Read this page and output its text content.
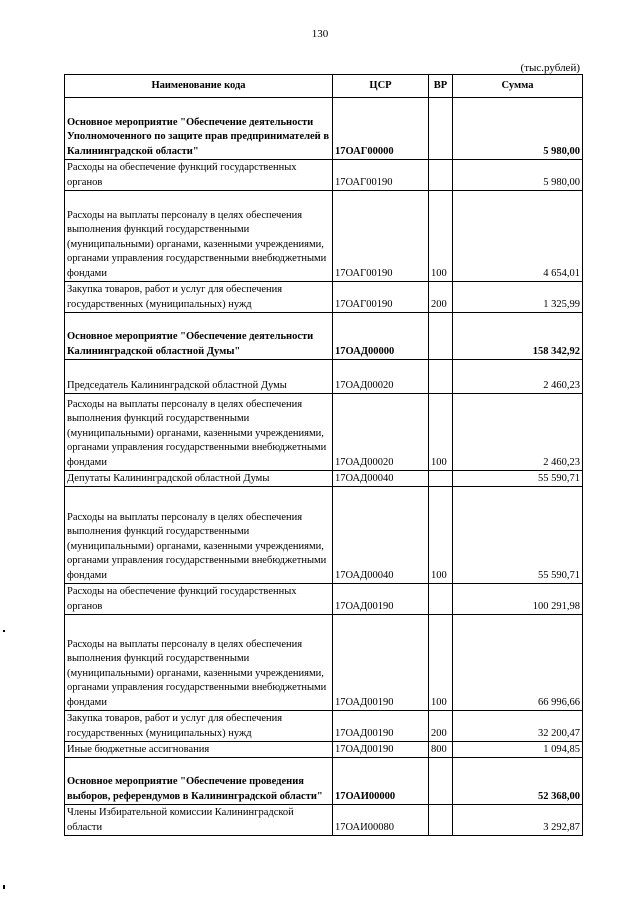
130
(тыс.рублей)
Наименование кода	ЦСР	ВР	Сумма
Основное мероприятие "Обеспечение деятельности Уполномоченного по защите прав предпринимателей в Калининградской области"	17ОАГ00000		5 980,00
Расходы на обеспечение функций государственных органов	17ОАГ00190		5 980,00
Расходы на выплаты персоналу в целях обеспечения выполнения функций государственными (муниципальными) органами, казенными учреждениями, органами управления государственными внебюджетными фондами	17ОАГ00190	100	4 654,01
Закупка товаров, работ и услуг для обеспечения государственных (муниципальных) нужд	17ОАГ00190	200	1 325,99
Основное мероприятие "Обеспечение деятельности Калининградской областной Думы"	17ОАД00000		158 342,92
Председатель Калининградской областной Думы	17ОАД00020		2 460,23
Расходы на выплаты персоналу в целях обеспечения выполнения функций государственными (муниципальными) органами, казенными учреждениями, органами управления государственными внебюджетными фондами	17ОАД00020	100	2 460,23
Депутаты Калининградской областной Думы	17ОАД00040		55 590,71
Расходы на выплаты персоналу в целях обеспечения выполнения функций государственными (муниципальными) органами, казенными учреждениями, органами управления государственными внебюджетными фондами	17ОАД00040	100	55 590,71
Расходы на обеспечение функций государственных органов	17ОАД00190		100 291,98
Расходы на выплаты персоналу в целях обеспечения выполнения функций государственными (муниципальными) органами, казенными учреждениями, органами управления государственными внебюджетными фондами	17ОАД00190	100	66 996,66
Закупка товаров, работ и услуг для обеспечения государственных (муниципальных) нужд	17ОАД00190	200	32 200,47
Иные бюджетные ассигнования	17ОАД00190	800	1 094,85
Основное мероприятие "Обеспечение проведения выборов, референдумов в Калининградской области"	17ОАИ00000		52 368,00
Члены Избирательной комиссии Калининградской области	17ОАИ00080		3 292,87
